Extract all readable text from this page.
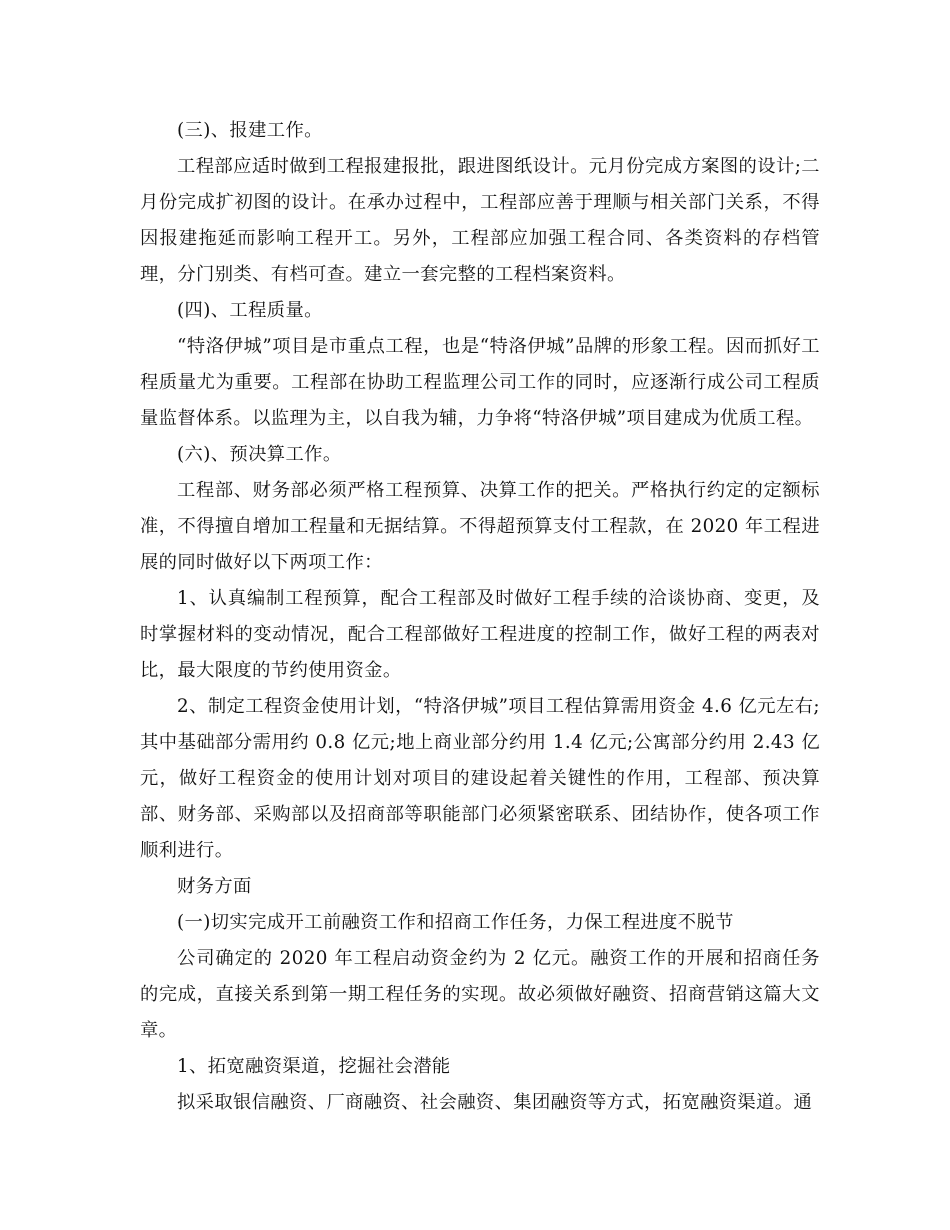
(三)、报建工作。

工程部应适时做到工程报建报批，跟进图纸设计。元月份完成方案图的设计;二月份完成扩初图的设计。在承办过程中，工程部应善于理顺与相关部门关系，不得因报建拖延而影响工程开工。另外，工程部应加强工程合同、各类资料的存档管理，分门别类、有档可查。建立一套完整的工程档案资料。

(四)、工程质量。

“特洛伊城”项目是市重点工程，也是“特洛伊城”品牌的形象工程。因而抓好工程质量尤为重要。工程部在协助工程监理公司工作的同时，应逐渐行成公司工程质量监督体系。以监理为主，以自我为辅，力争将“特洛伊城”项目建成为优质工程。

(六)、预决算工作。

工程部、财务部必须严格工程预算、决算工作的把关。严格执行约定的定额标准，不得擅自增加工程量和无据结算。不得超预算支付工程款，在 2020 年工程进展的同时做好以下两项工作：

1、认真编制工程预算，配合工程部及时做好工程手续的洽谈协商、变更，及时掌握材料的变动情况，配合工程部做好工程进度的控制工作，做好工程的两表对比，最大限度的节约使用资金。

2、制定工程资金使用计划，“特洛伊城”项目工程估算需用资金 4.6 亿元左右;其中基础部分需用约 0.8 亿元;地上商业部分约用 1.4 亿元;公寓部分约用 2.43 亿元，做好工程资金的使用计划对项目的建设起着关键性的作用，工程部、预决算部、财务部、采购部以及招商部等职能部门必须紧密联系、团结协作，使各项工作顺利进行。

财务方面

(一)切实完成开工前融资工作和招商工作任务，力保工程进度不脱节

公司确定的 2020 年工程启动资金约为 2 亿元。融资工作的开展和招商任务的完成，直接关系到第一期工程任务的实现。故必须做好融资、招商营销这篇大文章。

1、拓宽融资渠道，挖掘社会潜能

拟采取银信融资、厂商融资、社会融资、集团融资等方式，拓宽融资渠道。通
